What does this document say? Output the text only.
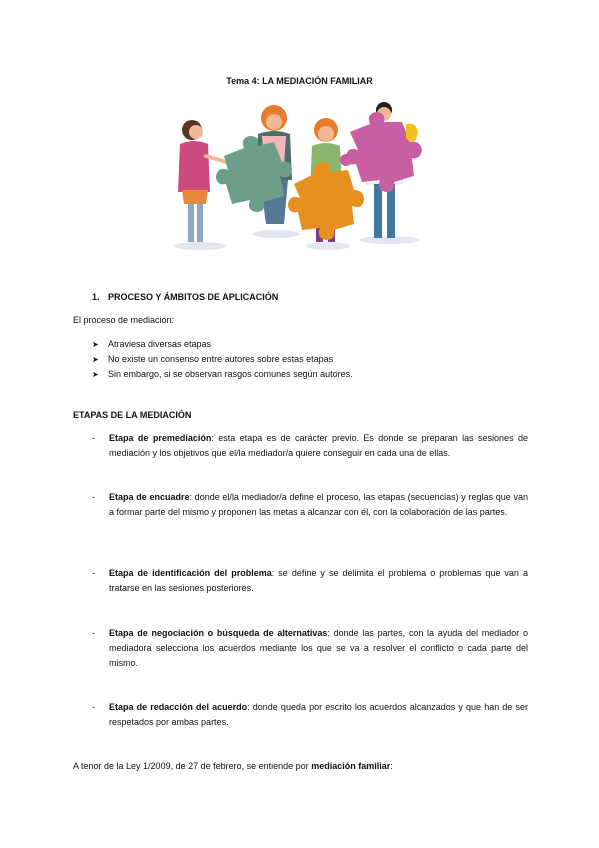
Tema 4: LA MEDIACIÓN FAMILIAR
1. PROCESO Y ÁMBITOS DE APLICACIÓN
El proceso de mediación:
➤	Atraviesa diversas etapas
➤	No existe un consenso entre autores sobre estas etapas
➤	Sin embargo, si se observan rasgos comunes según autores.
ETAPAS DE LA MEDIACIÓN
-	Etapa de premediación: esta etapa es de carácter previo. Es donde se preparan las sesiones de mediación y los objetivos que el/la mediador/a quiere conseguir en cada una de ellas.
-	Etapa de encuadre: donde el/la mediador/a define el proceso, las etapas (secuencias) y reglas que van a formar parte del mismo y proponen las metas a alcanzar con él, con la colaboración de las partes.
-	Etapa de identificación del problema: se define y se delimita el problema o problemas que van a tratarse en las sesiones posteriores.
-	Etapa de negociación o búsqueda de alternativas: donde las partes, con la ayuda del mediador o mediadora selecciona los acuerdos mediante los que se va a resolver el conflicto o cada parte del mismo.
-	Etapa de redacción del acuerdo: donde queda por escrito los acuerdos alcanzados y que han de ser respetados por ambas partes.
A tenor de la Ley 1/2009, de 27 de febrero, se entiende por mediación familiar:
